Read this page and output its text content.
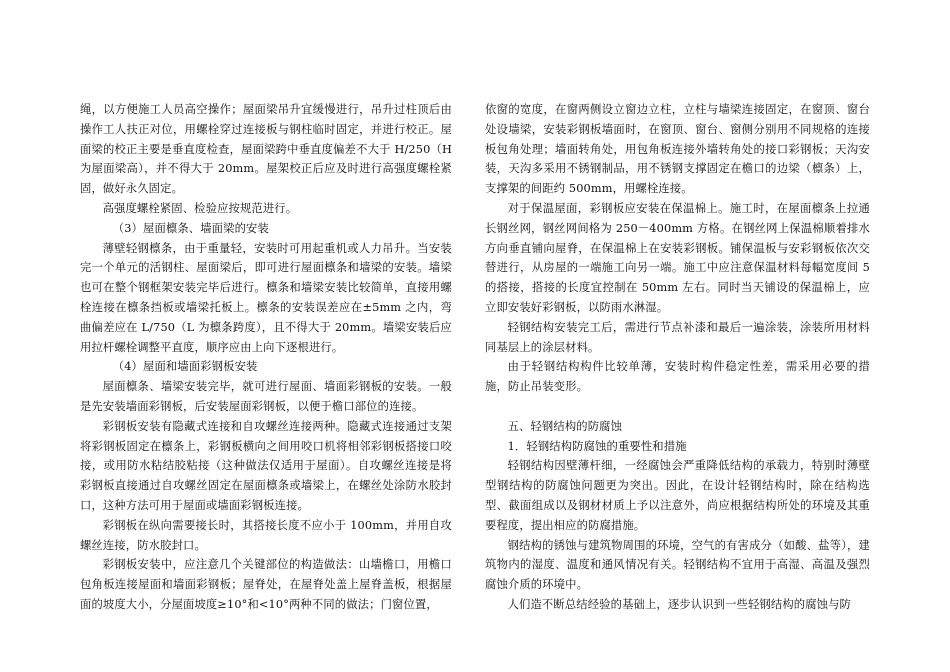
绳，以方便施工人员高空操作；屋面梁吊升宜缓慢进行，吊升过柱顶后由操作工人扶正对位，用螺栓穿过连接板与钢柱临时固定，并进行校正。屋面梁的校正主要是垂直度检查，屋面梁跨中垂直度偏差不大于 H/250（H 为屋面梁高），并不得大于 20mm。屋架校正后应及时进行高强度螺栓紧固，做好永久固定。

高强度螺栓紧固、检验应按规范进行。

（3）屋面檩条、墙面梁的安装

薄壁轻钢檩条，由于重量轻，安装时可用起重机或人力吊升。当安装完一个单元的活钢柱、屋面梁后，即可进行屋面檩条和墙梁的安装。墙梁也可在整个钢框架安装完毕后进行。檩条和墙梁安装比较简单，直接用螺栓连接在檩条挡板或墙梁托板上。檩条的安装误差应在±5mm 之内，弯曲偏差应在 L/750（L 为檩条跨度），且不得大于 20mm。墙梁安装后应用拉杆螺栓调整平直度，顺序应由上向下逐根进行。

（4）屋面和墙面彩钢板安装

屋面檩条、墙梁安装完毕，就可进行屋面、墙面彩钢板的安装。一般是先安装墙面彩钢板，后安装屋面彩钢板，以便于檐口部位的连接。

彩钢板安装有隐藏式连接和自攻螺丝连接两种。隐藏式连接通过支架将彩钢板固定在檩条上，彩钢板横向之间用咬口机将相邻彩钢板搭接口咬接，或用防水粘结胶粘接（这种做法仅适用于屋面）。自攻螺丝连接是将彩钢板直接通过自攻螺丝固定在屋面檩条或墙梁上，在螺丝处涂防水胶封口，这种方法可用于屋面或墙面彩钢板连接。

彩钢板在纵向需要接长时，其搭接长度不应小于 100mm，并用自攻螺丝连接，防水胶封口。

彩钢板安装中，应注意几个关键部位的构造做法：山墙檐口，用檐口包角板连接屋面和墙面彩钢板；屋脊处，在屋脊处盖上屋脊盖板，根据屋面的坡度大小，分屋面坡度≥10°和<10°两种不同的做法；门窗位置，

依窗的宽度，在窗两侧设立窗边立柱，立柱与墙梁连接固定，在窗顶、窗台处设墙梁，安装彩钢板墙面时，在窗顶、窗台、窗侧分别用不同规格的连接板包角处理；墙面转角处，用包角板连接外墙转角处的接口彩钢板；天沟安装，天沟多采用不锈钢制品，用不锈钢支撑固定在檐口的边梁（檩条）上，支撑架的间距约 500mm，用螺栓连接。

对于保温屋面，彩钢板应安装在保温棉上。施工时，在屋面檩条上拉通长钢丝网，钢丝网间格为 250－400mm 方格。在钢丝网上保温棉顺着排水方向垂直铺向屋脊，在保温棉上在安装彩钢板。铺保温板与安彩钢板依次交替进行，从房屋的一端施工向另一端。施工中应注意保温材料每幅宽度间 5 的搭接，搭接的长度宜控制在 50mm 左右。同时当天铺设的保温棉上，应立即安装好彩钢板，以防雨水淋湿。

轻钢结构安装完工后，需进行节点补漆和最后一遍涂装，涂装所用材料同基层上的涂层材料。

由于轻钢结构构件比较单薄，安装时构件稳定性差，需采用必要的措施，防止吊装变形。

五、轻钢结构的防腐蚀

1．轻钢结构防腐蚀的重要性和措施

轻钢结构因壁薄杆细，一经腐蚀会严重降低结构的承载力，特别时薄壁型钢结构的防腐蚀问题更为突出。因此，在设计轻钢结构时，除在结构选型、截面组成以及钢材材质上予以注意外，尚应根据结构所处的环境及其重要程度，提出相应的防腐措施。

钢结构的锈蚀与建筑物周围的环境，空气的有害成分（如酸、盐等），建筑物内的湿度、温度和通风情况有关。轻钢结构不宜用于高湿、高温及强烈腐蚀介质的环境中。

人们造不断总结经验的基础上，逐步认识到一些轻钢结构的腐蚀与防
